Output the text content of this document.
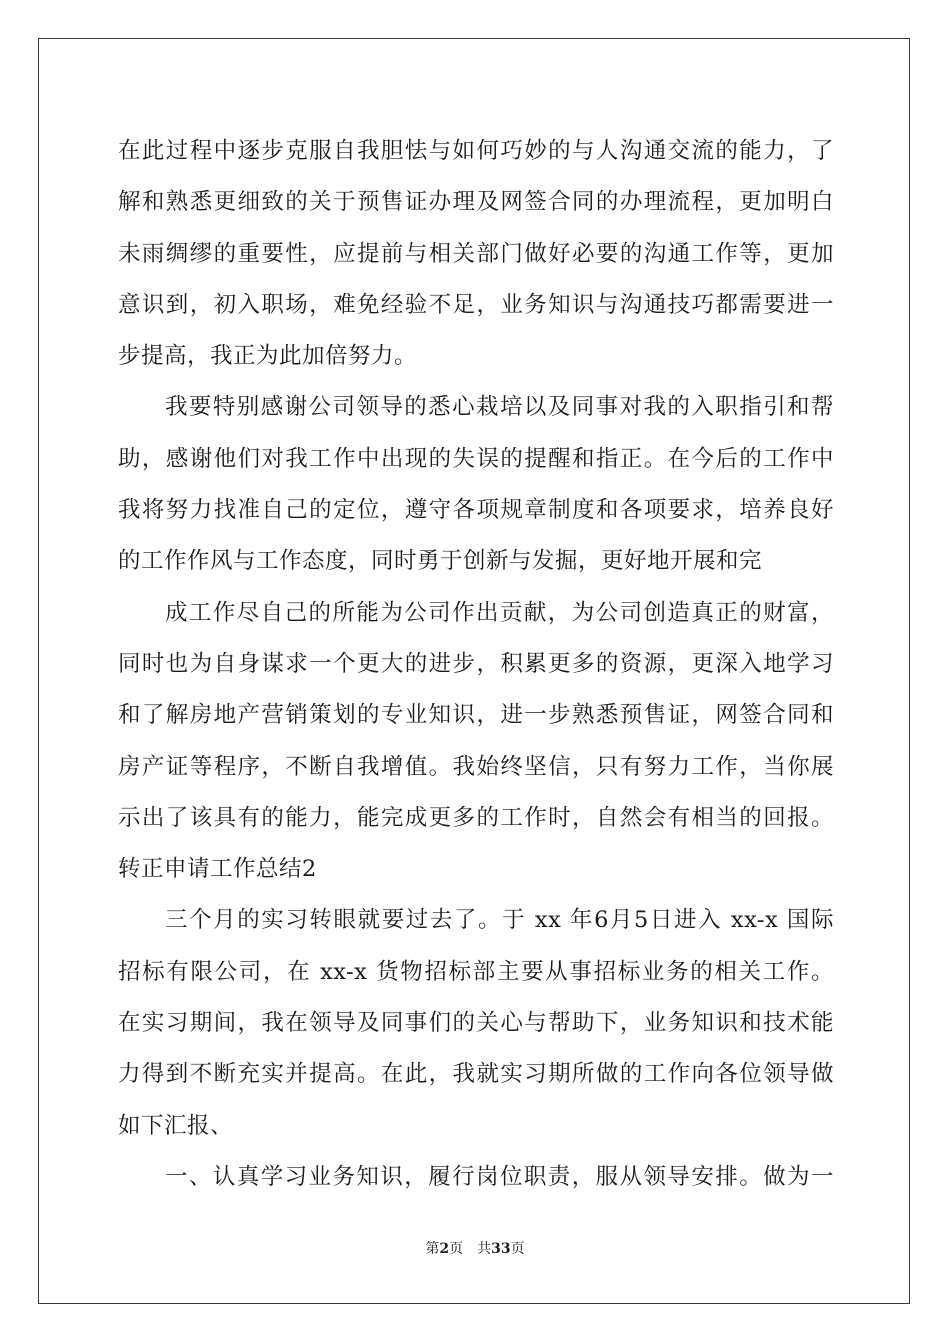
在此过程中逐步克服自我胆怯与如何巧妙的与人沟通交流的能力，了
解和熟悉更细致的关于预售证办理及网签合同的办理流程，更加明白
未雨绸缪的重要性，应提前与相关部门做好必要的沟通工作等，更加
意识到，初入职场，难免经验不足，业务知识与沟通技巧都需要进一
步提高，我正为此加倍努力。
我要特别感谢公司领导的悉心栽培以及同事对我的入职指引和帮
助，感谢他们对我工作中出现的失误的提醒和指正。在今后的工作中
我将努力找准自己的定位，遵守各项规章制度和各项要求，培养良好
的工作作风与工作态度，同时勇于创新与发掘，更好地开展和完
成工作尽自己的所能为公司作出贡献，为公司创造真正的财富，
同时也为自身谋求一个更大的进步，积累更多的资源，更深入地学习
和了解房地产营销策划的专业知识，进一步熟悉预售证，网签合同和
房产证等程序，不断自我增值。我始终坚信，只有努力工作，当你展
示出了该具有的能力，能完成更多的工作时，自然会有相当的回报。
转正申请工作总结2
三个月的实习转眼就要过去了。于 xx 年6月5日进入 xx-x 国际
招标有限公司，在 xx-x 货物招标部主要从事招标业务的相关工作。
在实习期间，我在领导及同事们的关心与帮助下，业务知识和技术能
力得到不断充实并提高。在此，我就实习期所做的工作向各位领导做
如下汇报、
一、认真学习业务知识，履行岗位职责，服从领导安排。做为一
第2页 共33页
